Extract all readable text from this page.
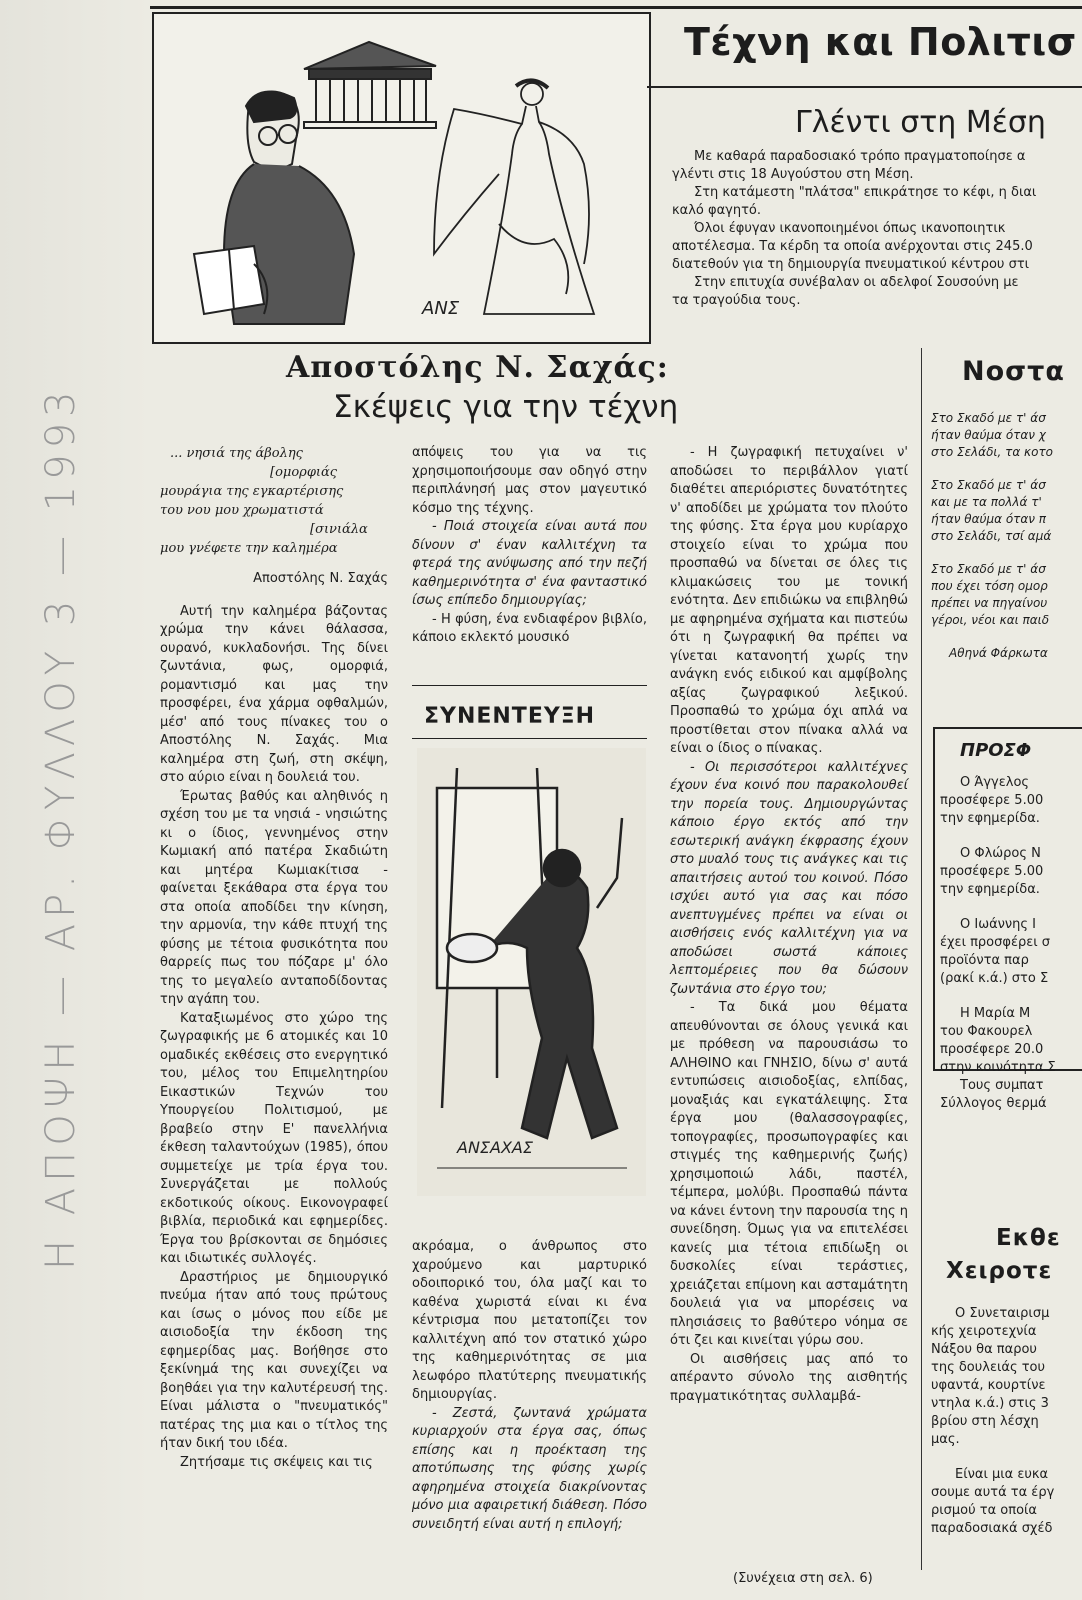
ΑΝΣ
Τέχνη και Πολιτισ
Γλέντι στη Μέση

Με καθαρά παραδοσιακό τρόπο πραγματοποίησε α

γλέντι στις 18 Αυγούστου στη Μέση.

Στη κατάμεστη "πλάτσα" επικράτησε το κέφι, η διαι

καλό φαγητό.

Όλοι έφυγαν ικανοποιημένοι όπως ικανοποιητικ

αποτέλεσμα. Τα κέρδη τα οποία ανέρχονται στις 245.0

διατεθούν για τη δημιουργία πνευματικού κέντρου στι

Στην επιτυχία συνέβαλαν οι αδελφοί Σουσούνη με

τα τραγούδια τους.

Αποστόλης Ν. Σαχάς:
Σκέψεις για την τέχνη
... νησιά της άβολης
[ομορφιάς
μουράγια της εγκαρτέρισης
του νου μου χρωματιστά
[σινιάλα
μου γνέφετε την καλημέρα

Αποστόλης Ν. Σαχάς

Αυτή την καλημέρα βάζοντας χρώμα την κάνει θάλασσα, ουρανό, κυκλαδονήσι. Της δίνει ζωντάνια, φως, ομορφιά, ρομαντισμό και μας την προσφέρει, ένα χάρμα οφθαλμών, μέσ' από τους πίνακες του ο Αποστόλης Ν. Σαχάς. Μια καλημέρα στη ζωή, στη σκέψη, στο αύριο είναι η δουλειά του.

Έρωτας βαθύς και αληθινός η σχέση του με τα νησιά - νησιώτης κι ο ίδιος, γεννημένος στην Κωμιακή από πατέρα Σκαδιώτη και μητέρα Κωμιακίτισα - φαίνεται ξεκάθαρα στα έργα του στα οποία αποδίδει την κίνηση, την αρμονία, την κάθε πτυχή της φύσης με τέτοια φυσικότητα που θαρρείς πως του πόζαρε μ' όλο της το μεγαλείο ανταποδίδοντας την αγάπη του.

Καταξιωμένος στο χώρο της ζωγραφικής με 6 ατομικές και 10 ομαδικές εκθέσεις στο ενεργητικό του, μέλος του Επιμελητηρίου Εικαστικών Τεχνών του Υπουργείου Πολιτισμού, με βραβείο στην Ε' πανελλήνια έκθεση ταλαντούχων (1985), όπου συμμετείχε με τρία έργα του. Συνεργάζεται με πολλούς εκδοτικούς οίκους. Εικονογραφεί βιβλία, περιοδικά και εφημερίδες. Έργα του βρίσκονται σε δημόσιες και ιδιωτικές συλλογές.

Δραστήριος με δημιουργικό πνεύμα ήταν από τους πρώτους και ίσως ο μόνος που είδε με αισιοδοξία την έκδοση της εφημερίδας μας. Βοήθησε στο ξεκίνημά της και συνεχίζει να βοηθάει για την καλυτέρευσή της. Είναι μάλιστα ο "πνευματικός" πατέρας της μια και ο τίτλος της ήταν δική του ιδέα.

Ζητήσαμε τις σκέψεις και τις

απόψεις του για να τις χρησιμοποιήσουμε σαν οδηγό στην περιπλάνησή μας στον μαγευτικό κόσμο της τέχνης.

- Ποιά στοιχεία είναι αυτά που δίνουν σ' έναν καλλιτέχνη τα φτερά της ανύψωσης από την πεζή καθημερινότητα σ' ένα φανταστικό ίσως επίπεδο δημιουργίας;

- Η φύση, ένα ενδιαφέρον βιβλίο, κάποιο εκλεκτό μουσικό

ΣΥΝΕΝΤΕΥΞΗ
ΑΝΣΑΧΑΣ

ακρόαμα, ο άνθρωπος στο χαρούμενο και μαρτυρικό οδοιπορικό του, όλα μαζί και το καθένα χωριστά είναι κι ένα κέντρισμα που μετατοπίζει τον καλλιτέχνη από τον στατικό χώρο της καθημερινότητας σε μια λεωφόρο πλατύτερης πνευματικής δημιουργίας.

- Ζεστά, ζωντανά χρώματα κυριαρχούν στα έργα σας, όπως επίσης και η προέκταση της αποτύπωσης της φύσης χωρίς αφηρημένα στοιχεία διακρίνοντας μόνο μια αφαιρετική διάθεση. Πόσο συνειδητή είναι αυτή η επιλογή;

- Η ζωγραφική πετυχαίνει ν' αποδώσει το περιβάλλον γιατί διαθέτει απεριόριστες δυνατότητες ν' αποδίδει με χρώματα τον πλούτο της φύσης. Στα έργα μου κυρίαρχο στοιχείο είναι το χρώμα που προσπαθώ να δίνεται σε όλες τις κλιμακώσεις του με τονική ενότητα. Δεν επιδιώκω να επιβληθώ με αφηρημένα σχήματα και πιστεύω ότι η ζωγραφική θα πρέπει να γίνεται κατανοητή χωρίς την ανάγκη ενός ειδικού και αμφίβολης αξίας ζωγραφικού λεξικού. Προσπαθώ το χρώμα όχι απλά να προστίθεται στον πίνακα αλλά να είναι ο ίδιος ο πίνακας.

- Οι περισσότεροι καλλιτέχνες έχουν ένα κοινό που παρακολουθεί την πορεία τους. Δημιουργώντας κάποιο έργο εκτός από την εσωτερική ανάγκη έκφρασης έχουν στο μυαλό τους τις ανάγκες και τις απαιτήσεις αυτού του κοινού. Πόσο ισχύει αυτό για σας και πόσο ανεπτυγμένες πρέπει να είναι οι αισθήσεις ενός καλλιτέχνη για να αποδώσει σωστά κάποιες λεπτομέρειες που θα δώσουν ζωντάνια στο έργο του;

- Τα δικά μου θέματα απευθύνονται σε όλους γενικά και με πρόθεση να παρουσιάσω το ΑΛΗΘΙΝΟ και ΓΝΗΣΙΟ, δίνω σ' αυτά εντυπώσεις αισιοδοξίας, ελπίδας, μοναξιάς και εγκατάλειψης. Στα έργα μου (θαλασσογραφίες, τοπογραφίες, προσωπογραφίες και στιγμές της καθημερινής ζωής) χρησιμοποιώ λάδι, παστέλ, τέμπερα, μολύβι. Προσπαθώ πάντα να κάνει έντονη την παρουσία της η συνείδηση. Όμως για να επιτελέσει κανείς μια τέτοια επιδίωξη οι δυσκολίες είναι τεράστιες, χρειάζεται επίμονη και ασταμάτητη δουλειά για να μπορέσεις να πλησιάσεις το βαθύτερο νόημα σε ότι ζει και κινείται γύρω σου.

Οι αισθήσεις μας από το απέραντο σύνολο της αισθητής πραγματικότητας συλλαμβά-

(Συνέχεια στη σελ. 6)
Νοστα

Στο Σκαδό με τ' άσ
ήταν θαύμα όταν χ
στο Σελάδι, τα κοτο

Στο Σκαδό με τ' άσ
και με τα πολλά τ'
ήταν θαύμα όταν π
στο Σελάδι, τσί αμά

Στο Σκαδό με τ' άσ
που έχει τόση ομορ
πρέπει να πηγαίνου
γέροι, νέοι και παιδ

Αθηνά Φάρκωτα

ΠΡΟΣΦ

Ο Άγγελος
προσέφερε 5.00
την εφημερίδα.

Ο Φλώρος Ν
προσέφερε 5.00
την εφημερίδα.

Ο Ιωάννης Ι
έχει προσφέρει σ
προϊόντα παρ
(ρακί κ.ά.) στο Σ

Η Μαρία Μ
του Φακουρελ
προσέφερε 20.0
στην κοινότητα Σ
Τους συμπατ
Σύλλογος θερμά

Εκθε
Χειροτε

Ο Συνεταιρισμ
κής χειροτεχνία
Νάξου θα παρου
της δουλειάς του
υφαντά, κουρτίνε
ντηλα κ.ά.) στις 3
βρίου στη λέσχη
μας.

Είναι μια ευκα
σουμε αυτά τα έργ
ρισμού τα οποία
παραδοσιακά σχέδ
